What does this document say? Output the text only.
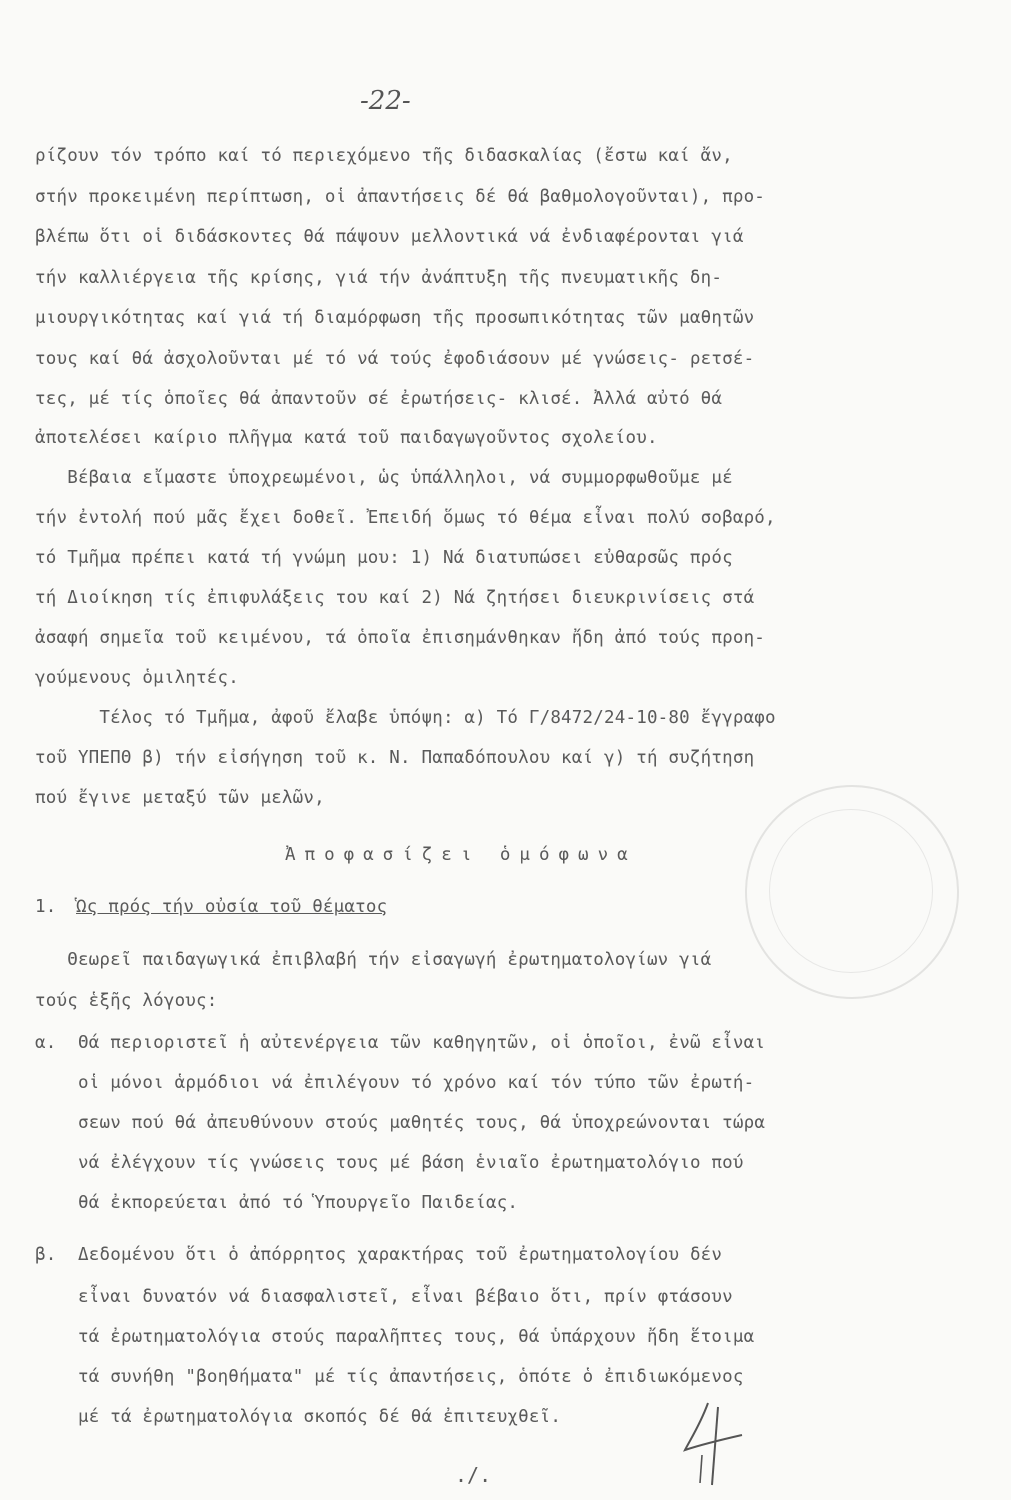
-22-
ρίζουν τόν τρόπο καί τό περιεχόμενο τῆς διδασκαλίας (ἔστω καί ἄν,
στήν προκειμένη περίπτωση, οἱ ἀπαντήσεις δέ θά βαθμολογοῦνται), προ-
βλέπω ὅτι οἱ διδάσκοντες θά πάψουν μελλοντικά νά ἐνδιαφέρονται γιά
τήν καλλιέργεια τῆς κρίσης, γιά τήν ἀνάπτυξη τῆς πνευματικῆς δη-
μιουργικότητας καί γιά τή διαμόρφωση τῆς προσωπικότητας τῶν μαθητῶν
τους καί θά ἀσχολοῦνται μέ τό νά τούς ἐφοδιάσουν μέ γνώσεις- ρετσέ-
τες, μέ τίς ὁποῖες θά ἀπαντοῦν σέ ἐρωτήσεις- κλισέ. Ἀλλά αὐτό θά
ἀποτελέσει καίριο πλῆγμα κατά τοῦ παιδαγωγοῦντος σχολείου.
Βέβαια εἴμαστε ὑποχρεωμένοι, ὡς ὑπάλληλοι, νά συμμορφωθοῦμε μέ
τήν ἐντολή πού μᾶς ἔχει δοθεῖ. Ἐπειδή ὅμως τό θέμα εἶναι πολύ σοβαρό,
τό Τμῆμα πρέπει κατά τή γνώμη μου: 1) Νά διατυπώσει εὐθαρσῶς πρός
τή Διοίκηση τίς ἐπιφυλάξεις του καί 2) Νά ζητήσει διευκρινίσεις στά
ἀσαφή σημεῖα τοῦ κειμένου, τά ὁποῖα ἐπισημάνθηκαν ἤδη ἀπό τούς προη-
γούμενους ὁμιλητές.
Τέλος τό Τμῆμα, ἀφοῦ ἔλαβε ὑπόψη: α) Τό Γ/8472/24-10-80 ἔγγραφο
τοῦ ΥΠΕΠΘ β) τήν εἰσήγηση τοῦ κ. Ν. Παπαδόπουλου καί γ) τή συζήτηση
πού ἔγινε μεταξύ τῶν μελῶν,
Ἀποφασίζει ὁμόφωνα
1. Ὡς πρός τήν οὐσία τοῦ θέματος
Θεωρεῖ παιδαγωγικά ἐπιβλαβή τήν εἰσαγωγή ἐρωτηματολογίων γιά
τούς ἑξῆς λόγους:
α. Θά περιοριστεῖ ἡ αὐτενέργεια τῶν καθηγητῶν, οἱ ὁποῖοι, ἐνῶ εἶναι
οἱ μόνοι ἁρμόδιοι νά ἐπιλέγουν τό χρόνο καί τόν τύπο τῶν ἐρωτή-
σεων πού θά ἀπευθύνουν στούς μαθητές τους, θά ὑποχρεώνονται τώρα
νά ἐλέγχουν τίς γνώσεις τους μέ βάση ἑνιαῖο ἐρωτηματολόγιο πού
θά ἐκπορεύεται ἀπό τό Ὑπουργεῖο Παιδείας.
β. Δεδομένου ὅτι ὁ ἀπόρρητος χαρακτήρας τοῦ ἐρωτηματολογίου δέν
εἶναι δυνατόν νά διασφαλιστεῖ, εἶναι βέβαιο ὅτι, πρίν φτάσουν
τά ἐρωτηματολόγια στούς παραλῆπτες τους, θά ὑπάρχουν ἤδη ἕτοιμα
τά συνήθη "βοηθήματα" μέ τίς ἀπαντήσεις, ὁπότε ὁ ἐπιδιωκόμενος
μέ τά ἐρωτηματολόγια σκοπός δέ θά ἐπιτευχθεῖ.
./.
